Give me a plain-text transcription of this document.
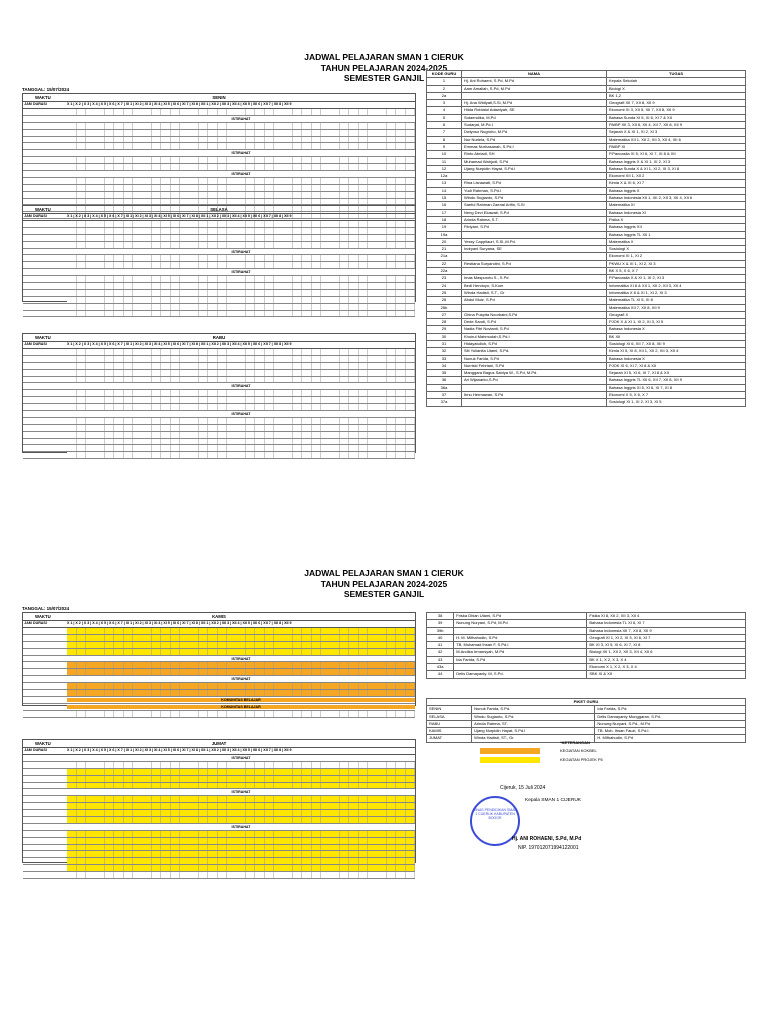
JADWAL PELAJARAN SMAN 1 CIERUK
TAHUN PELAJARAN 2024-2025
SEMESTER GANJIL
TANGGAL: 15/07/2024
WAKTU	SENIN
JAM DURASI	X 1 | X 2 | X 3 | X 4 | X 5 | X 6 | X 7 | XI 1 | XI 2 | XI 3 | XI 4 | XI 5 | XI 6 | XI 7 | XI 8 | XII 1 | XII 2 | XII 3 | XII 4 | XII 5 | XII 6 | XII 7 | XII 8 | XII 9
ISTIRAHAT
ISTIRAHAT
ISTIRAHAT
WAKTU	SELASA
JAM DURASI	X 1 | X 2 | X 3 | X 4 | X 5 | X 6 | X 7 | XI 1 | XI 2 | XI 3 | XI 4 | XI 5 | XI 6 | XI 7 | XI 8 | XII 1 | XII 2 | XII 3 | XII 4 | XII 5 | XII 6 | XII 7 | XII 8 | XII 9
ISTIRAHAT
ISTIRAHAT
WAKTU	RABU
JAM DURASI	X 1 | X 2 | X 3 | X 4 | X 5 | X 6 | X 7 | XI 1 | XI 2 | XI 3 | XI 4 | XI 5 | XI 6 | XI 7 | XI 8 | XII 1 | XII 2 | XII 3 | XII 4 | XII 5 | XII 6 | XII 7 | XII 8 | XII 9
ISTIRAHAT
ISTIRAHAT
KODE GURU	NAMA	TUGAS
1	Hj. Ani Rohaeni, S.Pd, M.Pd	Kepala Sekolah
2	Aam Amaliah, S.Pd, M.Pd	Biologi X
2a		BK 1,2
3	Hj. Ana Widiyati,S.Si, M.Pd	Geografi XII 7, XII 8, XII 9
4	Hilda Robiatul Adawiyah, SE	Ekonomi XI 3, XII 5, XII 7, XII 8, XII 9
5	Sutaendika, M.Pd	Bahasa Sunda XI 5, XI 6, XI 7 & XII
6	Sudarjat, M.Pd.I	PAIBP XII 3, XII 6, XII 4, XII 7, XII 8, XII 9
7	Dwiyoso Nugroho, M.Pd	Sejarah X & XI 1, XI 2, XI 3
8	Nur Nurlela, S.Pd	Matematika XII 1, XII 2, XII 3, XII 4, XII 6
9	Emmas Nurhasanah, S.Pd.I	PAIBP XI
10	Rinto Abriadi, SH	P.Pancasila XI 5, XI 6, XI 7, XI 8 & XII
11	Muhamad Wahjudi, S.Pd	Bahasa Inggris X & XI 1, XI 2, XI 3
12	Ujang Nurpidin Hayat, S.Pd.I	Bahasa Sunda X & XI 1, XI 2, XI 3, XI 8
12a		Ekonomi XII 1, XII 2
13	Rina Lisnawati, S.Pd	Kimia X & XI 6, XI 7
14	Yudi Rahman, S.Pd.I	Bahasa Inggris X
15	Windu Sugianto, S.Pd	Bahasa Indonesia XII 1, XII 2, XII 3, XII 4, XII 6
16	Saeful Rahman Zaenal Arifin, S.Si	Matematika XI
17	Neng Devi Ekawati, S.Pd	Bahasa Indonesia XI
18	Arinda Rahma, S.T.	Fisika X
19	Fitriyani, S.Pd	Bahasa Inggris XII
19a		Bahasa Inggris TL XII 1
20	Yessy Cappilauri, S.Si.,M.Pd.	Matematika X
21	Indryani Suryana, SE	Sosiologi X
21a		Ekonomi XI 1, XI 2
22	Restiana Suryandini, S.Pd	PKWU X & XI 1, XI 2, XI 3
22a		BK X 5, X 6, X 7
23	Imas Maspurotu S., S.Pd	P.Pancasila X & XI 1, XI 2, XI 3
24	Bedi Hendoyo, S.Kom	Informatika XI 8 & XII 1, XII 2, XII 3, XII 4
25	Winda Hadisti, S.T., Gr	Informatika X 8 & XI 1, XI 2, XI 3
26	Abdul Muiz, S.Pd	Matematika TL XI 5, XI 8
26b		Matematika XII 7, XII 8, XII 9
27	Ghina Puspita Noorbaini,S.Pd	Geografi X
28	Dede Sandi, S.Pd	PJOK X & XI 1, XI 2, XI 3, XI 5
29	Nadia Fitri Novianti, S.Pd	Bahasa Indonesia X
30	Khoirul Mahmudah,S.Pd.I	BK XII
31	Hidayatulloh, S.Pd	Sosiologi XI 6, XII 7, XII 8, XII 9
32	Siti Yulianita Utami, S.Pd.	Kimia XI 5, XI 8, XII 1, XII 2, XII 3, XII 4
33	Nunuk Farida, S.Pd	Bahasa Indonesia X
34	Nurriski Febriani, S.Pd	PJOK XI 6, XI 7, XI 8 & XII
35	Manggara Bagus Satriya W., S.Pd, M.Pd.	Sejarah XI 5, XI 6, XI 7, XI 8 & XII
36	Ari Wijanarko,S.Pd	Bahasa Inggris TL XII 6, XII 7, XII 8, XII 9
36a		Bahasa Inggris XI 5, XI 6, XI 7, XI 8
37	Ibnu Hermawan, S.Pd	Ekonomi X 5, X 6, X 7
37a		Sosiologi XI 1, XI 2, XI 3, XI 5
JADWAL PELAJARAN SMAN 1 CIERUK
TAHUN PELAJARAN 2024-2025
SEMESTER GANJIL
TANGGAL: 15/07/2024
WAKTU	KAMIS
JAM DURASI	X 1 | X 2 | X 3 | X 4 | X 5 | X 6 | X 7 | XI 1 | XI 2 | XI 3 | XI 4 | XI 5 | XI 6 | XI 7 | XI 8 | XII 1 | XII 2 | XII 3 | XII 4 | XII 5 | XII 6 | XII 7 | XII 8 | XII 9
ISTIRAHAT
ISTIRAHAT
KOMUNITAS BELAJAR
KOMUNITAS BELAJAR
WAKTU	JUMAT
JAM DURASI	X 1 | X 2 | X 3 | X 4 | X 5 | X 6 | X 7 | XI 1 | XI 2 | XI 3 | XI 4 | XI 5 | XI 6 | XI 7 | XI 8 | XII 1 | XII 2 | XII 3 | XII 4 | XII 5 | XII 6 | XII 7 | XII 8 | XII 9
ISTIRAHAT
ISTIRAHAT
ISTIRAHAT
38	Friska Dhian Utami, S.Pd	Fisika XI 8, XII 2, XII 3, XII 4
39	Nunung Nuryani, S.Pd, M.Pd	Bahasa Indonesia TL XI 6, XI 7
39b		Bahasa Indonesia XII 7, XII 8, XII 9
40	H. M. Mifhahudin, S.Pd	Geografi XI 1, XI 2, XI 3, XI 6, XI 7
41	TB. Muhamad Ihsan F, S.Pd.I	BK XI 3, XI 5, XI 6, XI 7, XI 8
42	M.Andika Irmansyah, M.Pd	Biologi XII 1, XII 2, XII 3, XII 4, XII 6
43	Ida Farida, S.Pd	BK X 1, X 2, X 3, X 4
43a		Ekonomi X 1, X 2, X 3, X 4
44	Delis Damayanty. M, S.Pd.	SBK XI & XII
PIKET GURU		
SENIN	Nunuk Farida, S.Pd.	Ida Farida, S.Pd.
SELASA	Windu Sugianto, S.Pd.	Delis Damayanty Munggaran, S.Pd.
RABU	Arinda Rahma, ST.	Nunung Nuryani, S.Pd., M.Pd
KAMIS	Ujang Nurpidin Hayat, S.Pd.I	TB. Moh. Ihsan Fauzi, S.Pd.I.
JUMAT	Winda Hadisti, ST., Gr.	H. Mifhahudin, S.Pd
*KETERANGAN
KEGIATAN KOKBEL
KEGIATAN PROJEK P5
Cijeruk, 15 Juli 2024
DINAS PENDIDIKAN SMAN 1 CIJERUK KABUPATEN BOGOR
Kepala SMAN 1 CIJERUK
Hj. ANI ROHAENI, S.Pd, M.Pd
NIP. 197012071994122001
